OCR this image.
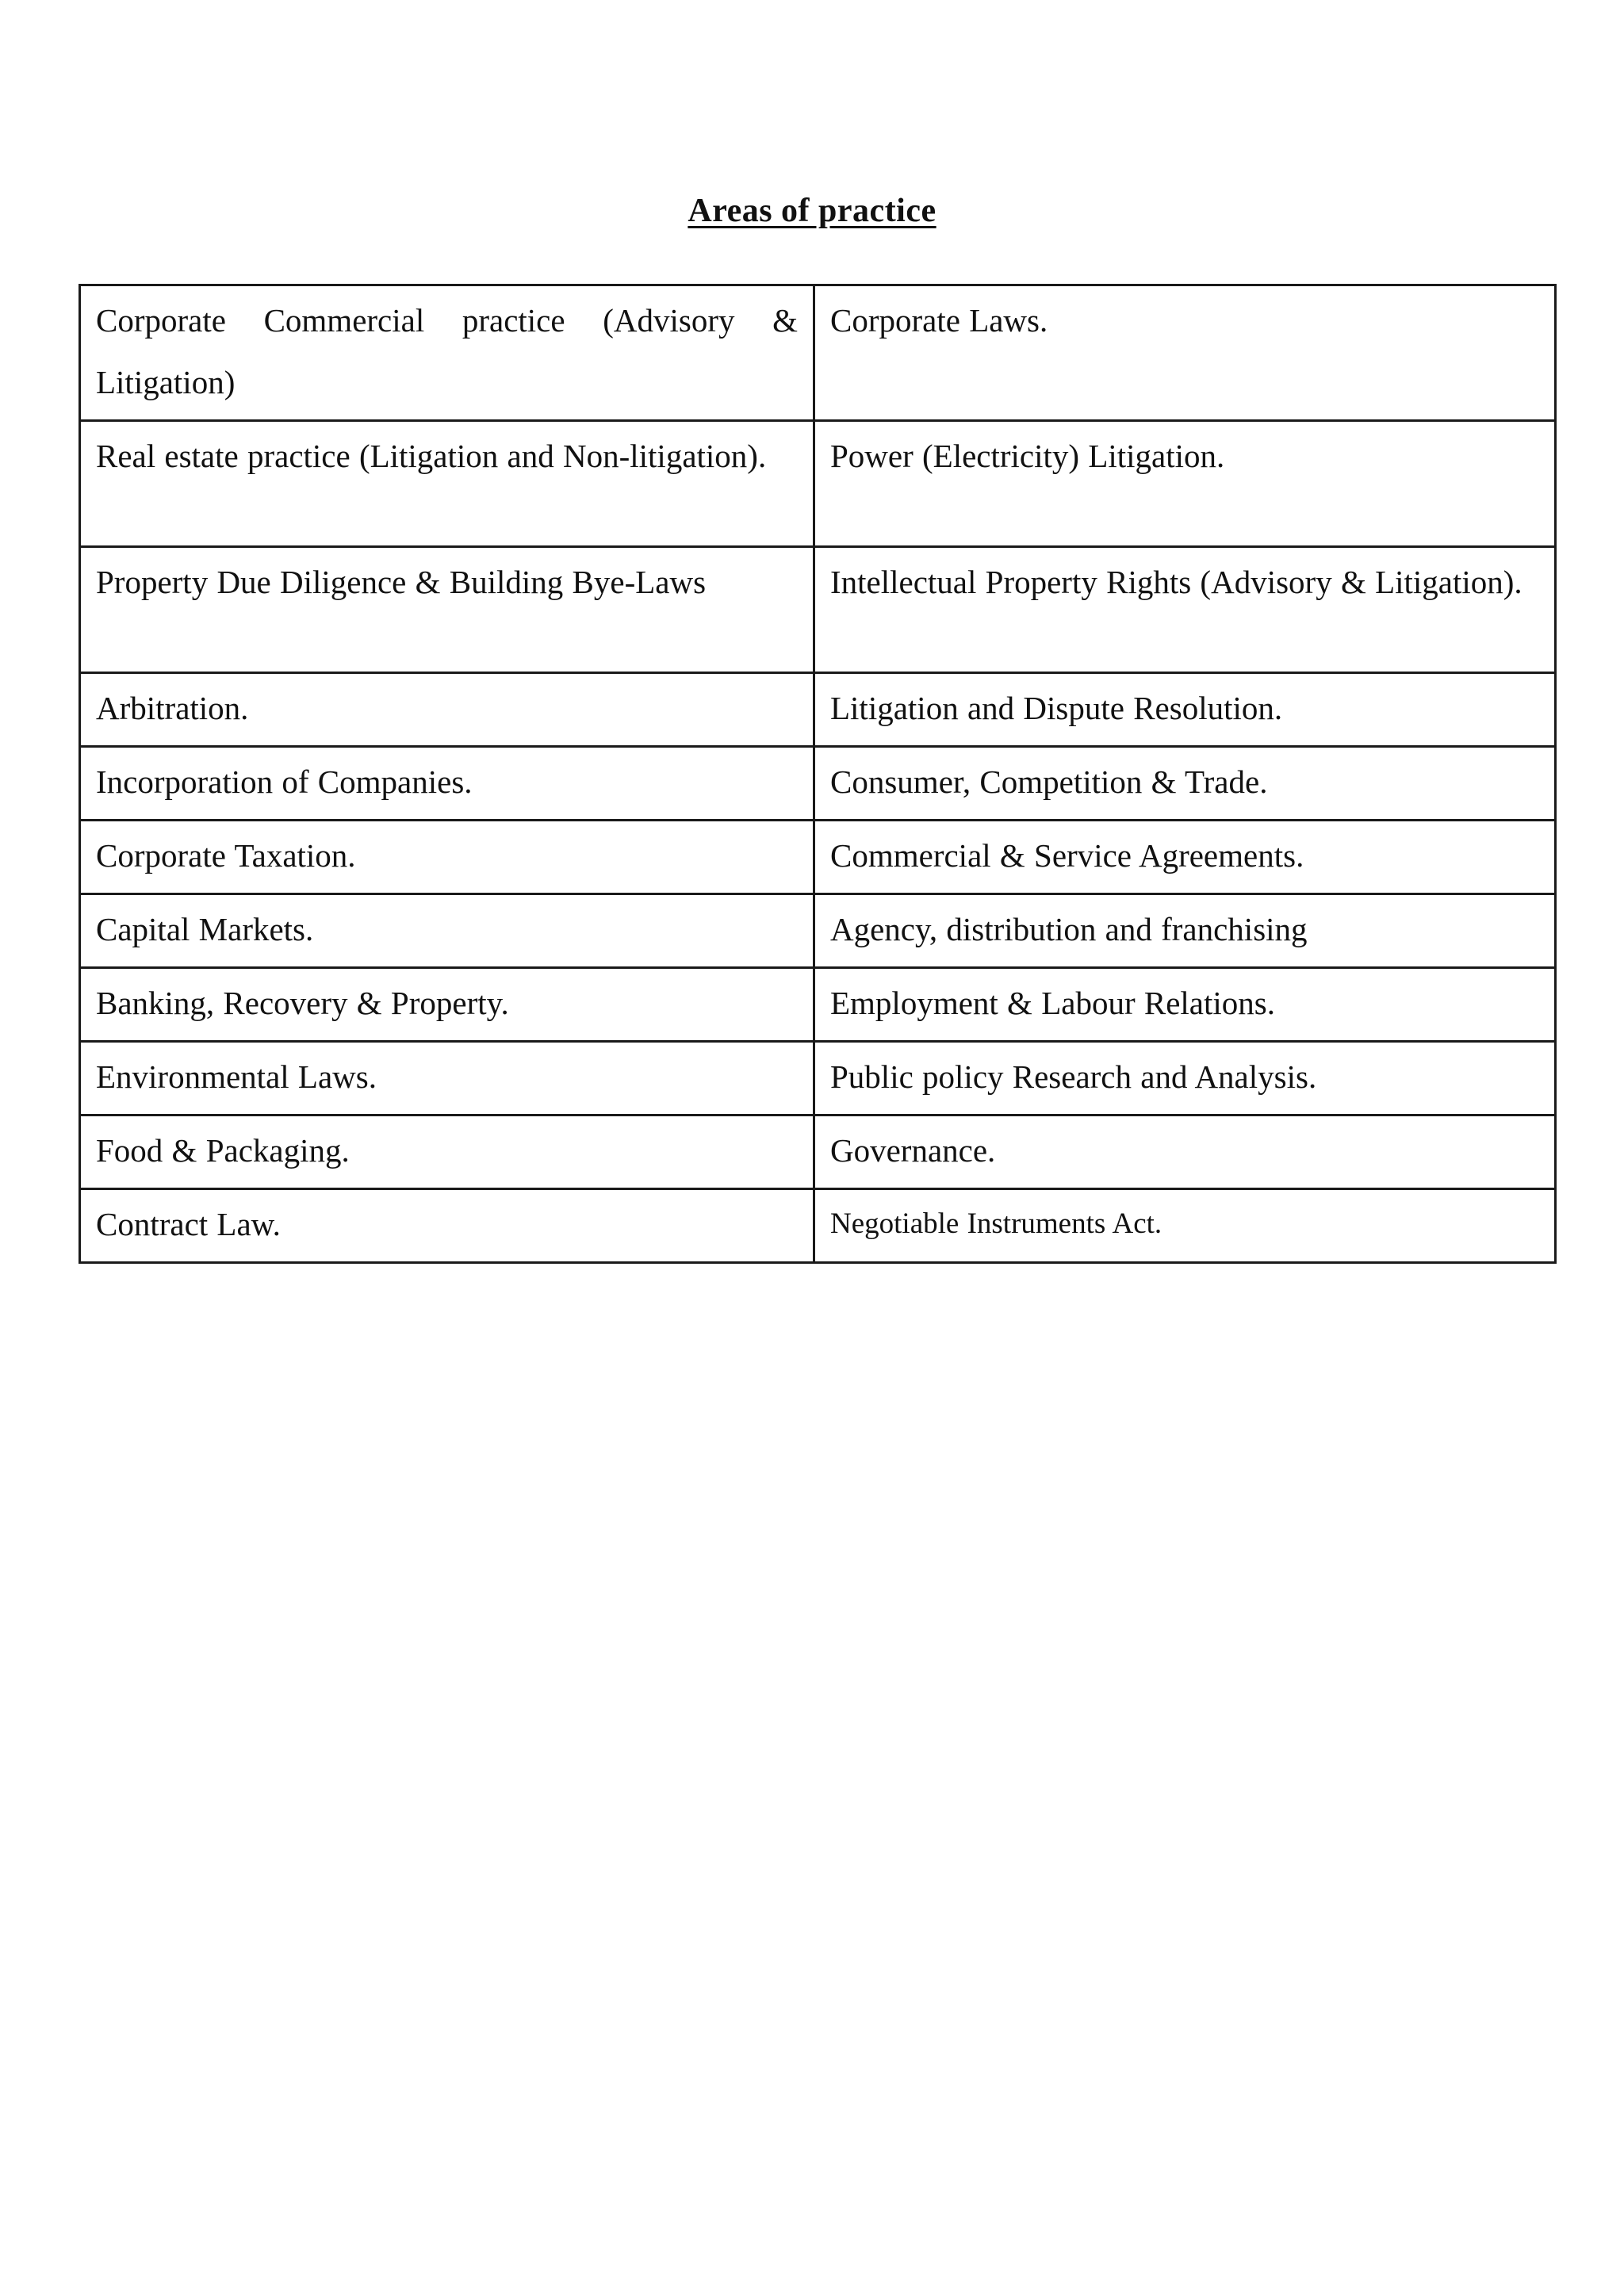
Areas of practice
Corporate Commercial practice (Advisory & Litigation)	Corporate Laws.
Real estate practice (Litigation and Non-litigation).	Power (Electricity) Litigation.
Property Due Diligence & Building Bye-Laws	Intellectual Property Rights (Advisory & Litigation).
Arbitration.	Litigation and Dispute Resolution.
Incorporation of Companies.	Consumer, Competition & Trade.
Corporate Taxation.	Commercial & Service Agreements.
Capital Markets.	Agency, distribution and franchising
Banking, Recovery & Property.	Employment & Labour Relations.
Environmental Laws.	Public policy Research and Analysis.
Food & Packaging.	Governance.
Contract Law.	Negotiable Instruments Act.
